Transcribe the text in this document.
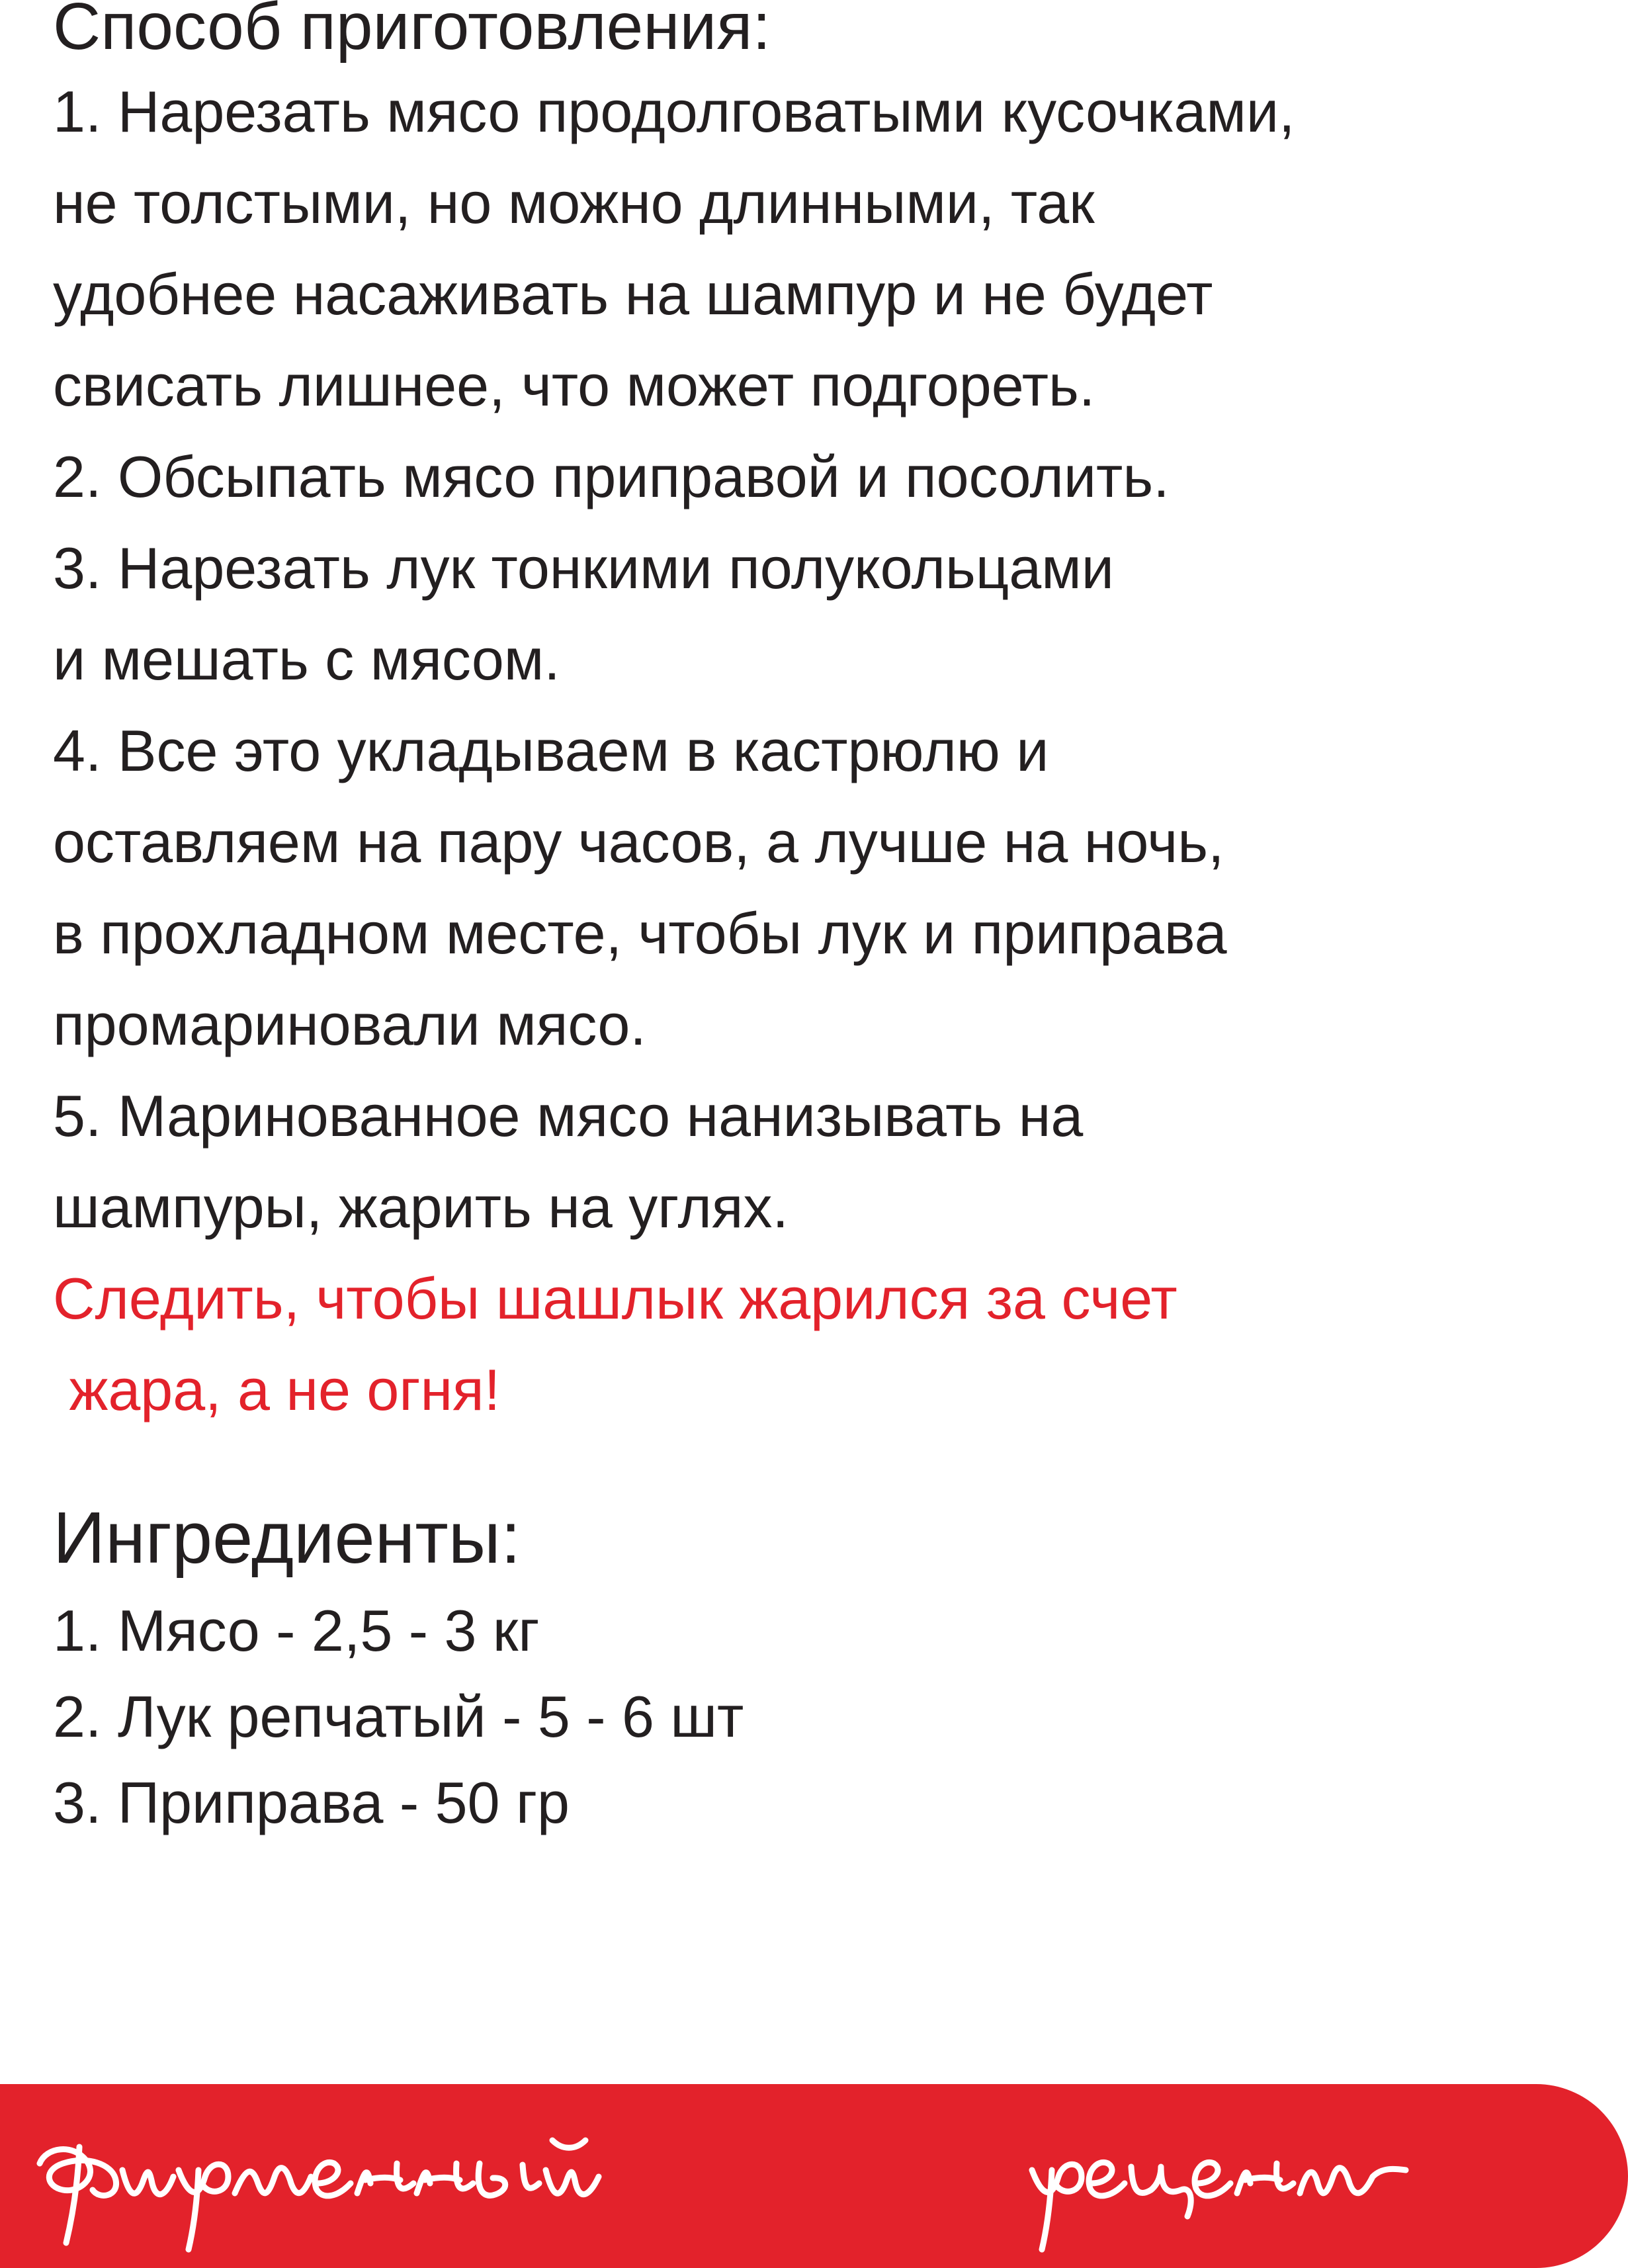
Способ приготовления:
1. Нарезать мясо продолговатыми кусочками,
не толстыми, но можно длинными, так
удобнее насаживать на шампур и не будет
свисать лишнее, что может подгореть.
2. Обсыпать мясо приправой и посолить.
3. Нарезать лук тонкими полукольцами
и мешать с мясом.
4. Все это укладываем в кастрюлю и
оставляем на пару часов, а лучше на ночь,
в прохладном месте, чтобы лук и приправа
промариновали мясо.
5. Маринованное мясо нанизывать на
шампуры, жарить на углях.
Следить, чтобы шашлык жарился за счет
жара, а не огня!
Ингредиенты:
1. Мясо - 2,5 - 3 кг
2. Лук репчатый - 5 - 6 шт
3. Приправа - 50 гр
